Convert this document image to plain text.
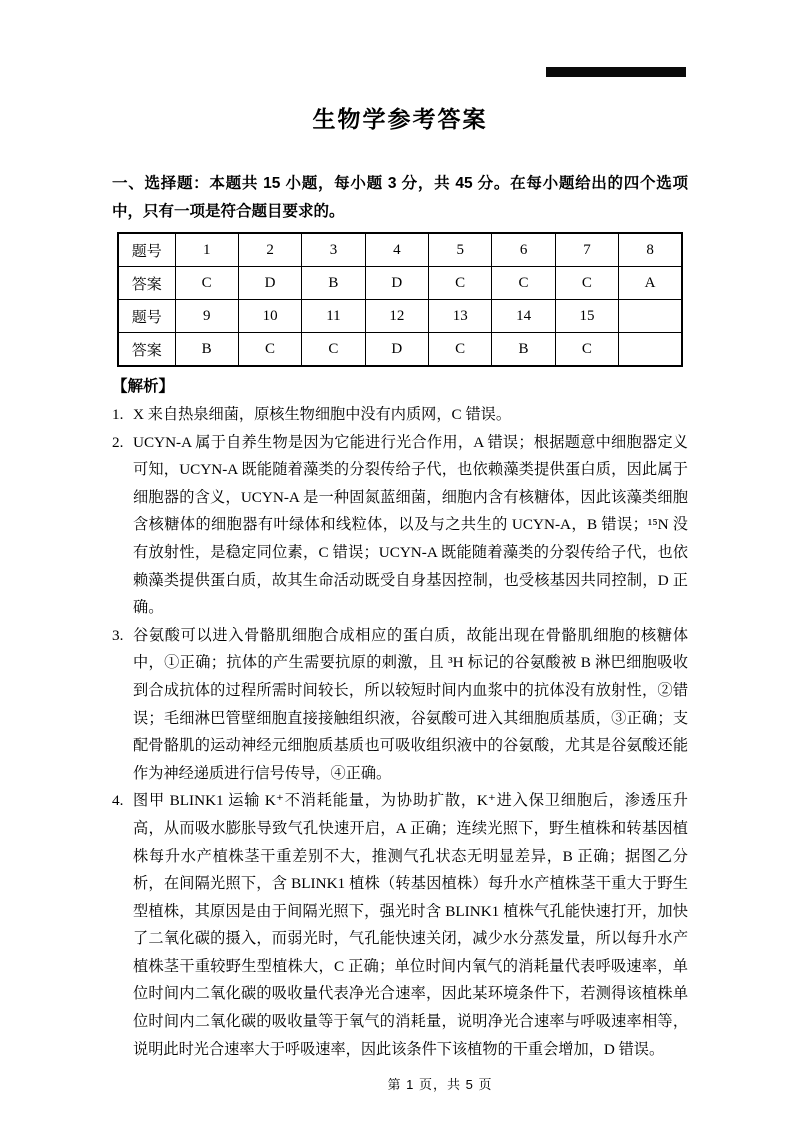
生物学参考答案

一、选择题：本题共 15 小题，每小题 3 分，共 45 分。在每小题给出的四个选项中，只有一项是符合题目要求的。

题号	1	2	3	4	5	6	7	8
答案	C	D	B	D	C	C	C	A
题号	9	10	11	12	13	14	15	
答案	B	C	C	D	C	B	C	
【解析】
1. X 来自热泉细菌，原核生物细胞中没有内质网，C 错误。
2. UCYN-A 属于自养生物是因为它能进行光合作用，A 错误；根据题意中细胞器定义可知，UCYN-A 既能随着藻类的分裂传给子代，也依赖藻类提供蛋白质，因此属于细胞器的含义，UCYN-A 是一种固氮蓝细菌，细胞内含有核糖体，因此该藻类细胞含核糖体的细胞器有叶绿体和线粒体，以及与之共生的 UCYN-A，B 错误；¹⁵N 没有放射性，是稳定同位素，C 错误；UCYN-A 既能随着藻类的分裂传给子代，也依赖藻类提供蛋白质，故其生命活动既受自身基因控制，也受核基因共同控制，D 正确。
3. 谷氨酸可以进入骨骼肌细胞合成相应的蛋白质，故能出现在骨骼肌细胞的核糖体中，①正确；抗体的产生需要抗原的刺激，且 ³H 标记的谷氨酸被 B 淋巴细胞吸收到合成抗体的过程所需时间较长，所以较短时间内血浆中的抗体没有放射性，②错误；毛细淋巴管壁细胞直接接触组织液，谷氨酸可进入其细胞质基质，③正确；支配骨骼肌的运动神经元细胞质基质也可吸收组织液中的谷氨酸，尤其是谷氨酸还能作为神经递质进行信号传导，④正确。
4. 图甲 BLINK1 运输 K⁺不消耗能量，为协助扩散，K⁺进入保卫细胞后，渗透压升高，从而吸水膨胀导致气孔快速开启，A 正确；连续光照下，野生植株和转基因植株每升水产植株茎干重差别不大，推测气孔状态无明显差异，B 正确；据图乙分析，在间隔光照下，含 BLINK1 植株（转基因植株）每升水产植株茎干重大于野生型植株，其原因是由于间隔光照下，强光时含 BLINK1 植株气孔能快速打开，加快了二氧化碳的摄入，而弱光时，气孔能快速关闭，减少水分蒸发量，所以每升水产植株茎干重较野生型植株大，C 正确；单位时间内氧气的消耗量代表呼吸速率，单位时间内二氧化碳的吸收量代表净光合速率，因此某环境条件下，若测得该植株单位时间内二氧化碳的吸收量等于氧气的消耗量，说明净光合速率与呼吸速率相等，说明此时光合速率大于呼吸速率，因此该条件下该植物的干重会增加，D 错误。
第 1 页，共 5 页
